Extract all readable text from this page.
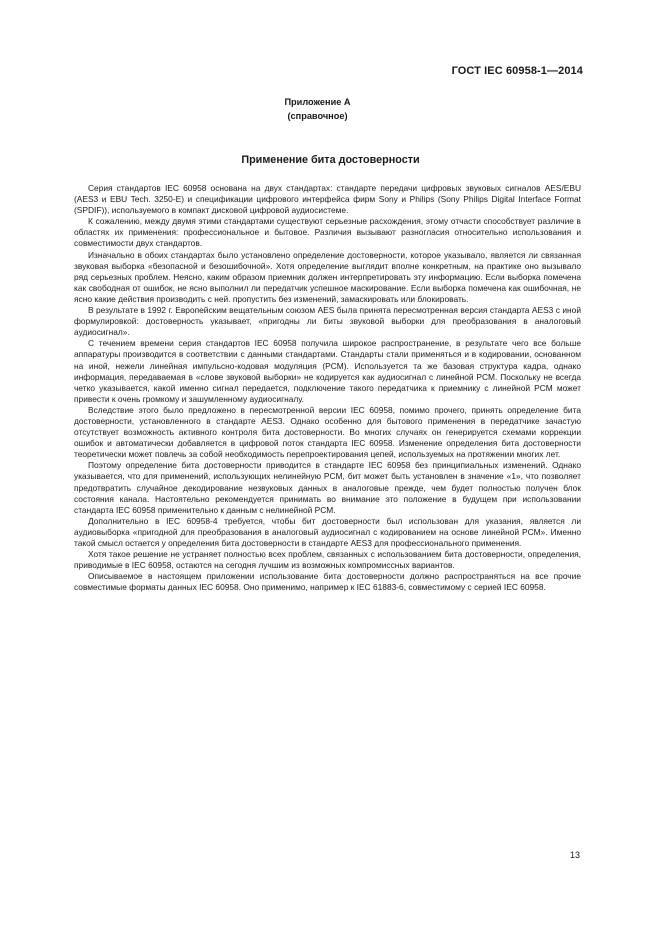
ГОСТ IEC 60958-1—2014
Приложение А
(справочное)
Применение бита достоверности

Серия стандартов IEC 60958 основана на двух стандартах: стандарте передачи цифровых звуковых сигналов AES/EBU (AES3 и EBU Tech. 3250-E) и спецификации цифрового интерфейса фирм Sony и Philips (Sony Philips Digital Interface Format (SPDIF)), используемого в компакт дисковой цифровой аудиосистеме.

К сожалению, между двумя этими стандартами существуют серьезные расхождения, этому отчасти способствует различие в областях их применения: профессиональное и бытовое. Различия вызывают разногласия относительно использования и совместимости двух стандартов.

Изначально в обоих стандартах было установлено определение достоверности, которое указывало, является ли связанная звуковая выборка «безопасной и безошибочной». Хотя определение выглядит вполне конкретным, на практике оно вызывало ряд серьезных проблем. Неясно, каким образом приемник должен интерпретировать эту информацию. Если выборка помечена как свободная от ошибок, не ясно выполнил ли передатчик успешное маскирование. Если выборка помечена как ошибочная, не ясно какие действия производить с ней. пропустить без изменений, замаскировать или блокировать.

В результате в 1992 г. Европейским вещательным союзом AES была принята пересмотренная версия стандарта AES3 с иной формулировкой: достоверность указывает, «пригодны ли биты звуковой выборки для преобразования в аналоговый аудиосигнал».

С течением времени серия стандартов IEC 60958 получила широкое распространение, в результате чего все больше аппаратуры производится в соответствии с данными стандартами. Стандарты стали применяться и в кодировании, основанном на иной, нежели линейная импульсно-кодовая модуляция (PCM). Используется та же базовая структура кадра, однако информация, передаваемая в «слове звуковой выборки» не кодируется как аудиосигнал с линейной PCM. Поскольку не всегда четко указывается, какой именно сигнал передается, подключение такого передатчика к приемнику с линейной PCM может привести к очень громкому и зашумленному аудиосигналу.

Вследствие этого было предложено в пересмотренной версии IEC 60958, помимо прочего, принять определение бита достоверности, установленного в стандарте AES3. Однако особенно для бытового применения в передатчике зачастую отсутствует возможность активного контроля бита достоверности. Во многих случаях он генерируется схемами коррекции ошибок и автоматически добавляется в цифровой поток стандарта IEC 60958. Изменение определения бита достоверности теоретически может повлечь за собой необходимость перепроектирования цепей, используемых на протяжении многих лет.

Поэтому определение бита достоверности приводится в стандарте IEC 60958 без принципиальных изменений. Однако указывается, что для применений, использующих нелинейную PCM, бит может быть установлен в значение «1», что позволяет предотвратить случайное декодирование незвуковых данных в аналоговые прежде, чем будет полностью получен блок состояния канала. Настоятельно рекомендуется принимать во внимание это положение в будущем при использовании стандарта IEC 60958 применительно к данным с нелинейной PCM.

Дополнительно в IEC 60958-4 требуется, чтобы бит достоверности был использован для указания, является ли аудиовыборка «пригодной для преобразования в аналоговый аудиосигнал с кодированием на основе линейной PCM». Именно такой смысл остается у определения бита достоверности в стандарте AES3 для профессионального применения.

Хотя такое решение не устраняет полностью всех проблем, связанных с использованием бита достоверности, определения, приводимые в IEC 60958, остаются на сегодня лучшим из возможных компромиссных вариантов.

Описываемое в настоящем приложении использование бита достоверности должно распространяться на все прочие совместимые форматы данных IEC 60958. Оно применимо, например к IEC 61883-6, совместимому с серией IEC 60958.

13
